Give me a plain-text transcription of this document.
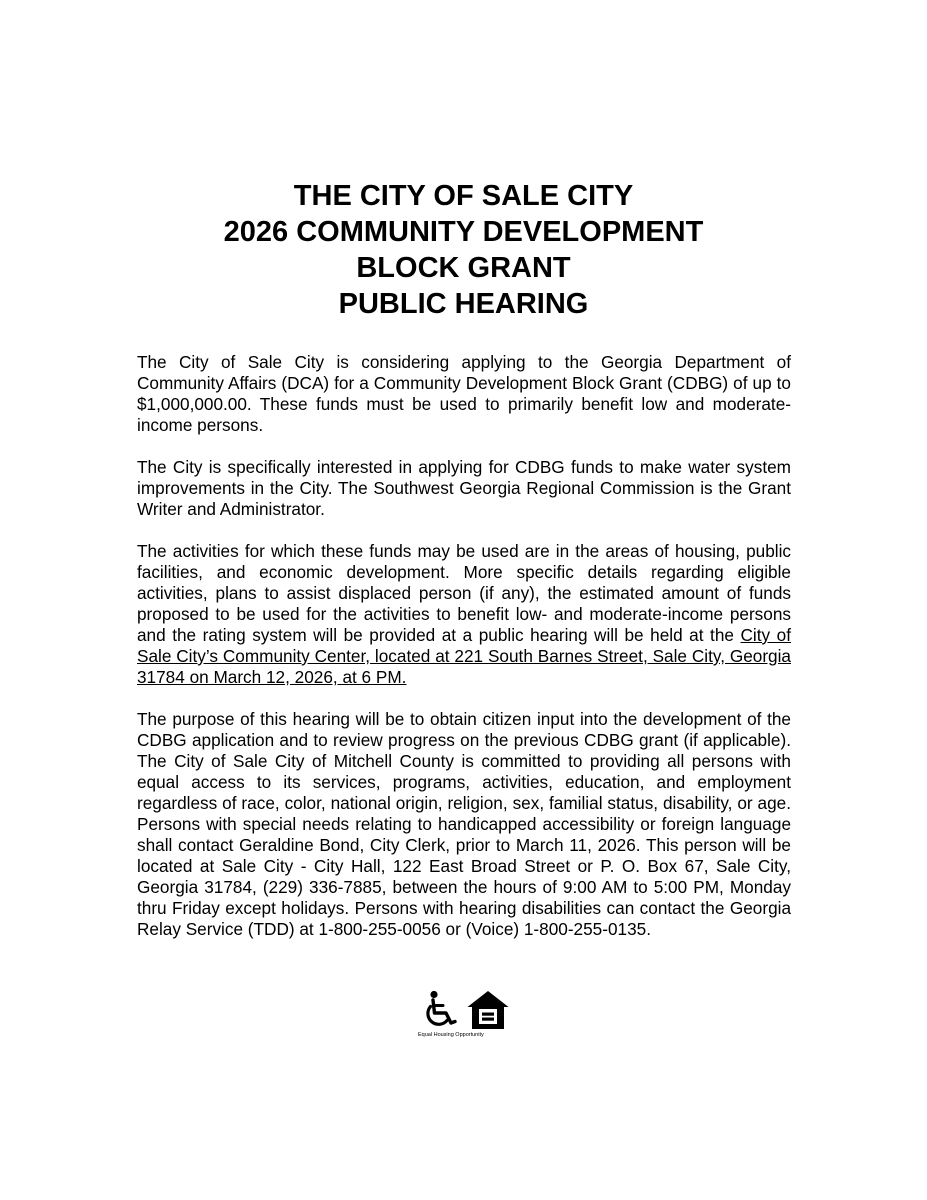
THE CITY OF SALE CITY

2026 COMMUNITY DEVELOPMENT

BLOCK GRANT

PUBLIC HEARING

The City of Sale City is considering applying to the Georgia Department of Community Affairs (DCA) for a Community Development Block Grant (CDBG) of up to $1,000,000.00. These funds must be used to primarily benefit low and moderate-income persons.

The City is specifically interested in applying for CDBG funds to make water system improvements in the City. The Southwest Georgia Regional Commission is the Grant Writer and Administrator.

The activities for which these funds may be used are in the areas of housing, public facilities, and economic development. More specific details regarding eligible activities, plans to assist displaced person (if any), the estimated amount of funds proposed to be used for the activities to benefit low- and moderate-income persons and the rating system will be provided at a public hearing will be held at the City of Sale City’s Community Center, located at 221 South Barnes Street, Sale City, Georgia 31784 on March 12, 2026, at 6 PM.

The purpose of this hearing will be to obtain citizen input into the development of the CDBG application and to review progress on the previous CDBG grant (if applicable). The City of Sale City of Mitchell County is committed to providing all persons with equal access to its services, programs, activities, education, and employment regardless of race, color, national origin, religion, sex, familial status, disability, or age. Persons with special needs relating to handicapped accessibility or foreign language shall contact Geraldine Bond, City Clerk, prior to March 11, 2026. This person will be located at Sale City - City Hall, 122 East Broad Street or P. O. Box 67, Sale City, Georgia 31784, (229) 336-7885, between the hours of 9:00 AM to 5:00 PM, Monday thru Friday except holidays. Persons with hearing disabilities can contact the Georgia Relay Service (TDD) at 1-800-255-0056 or (Voice) 1-800-255-0135.

Equal Housing Opportunity
